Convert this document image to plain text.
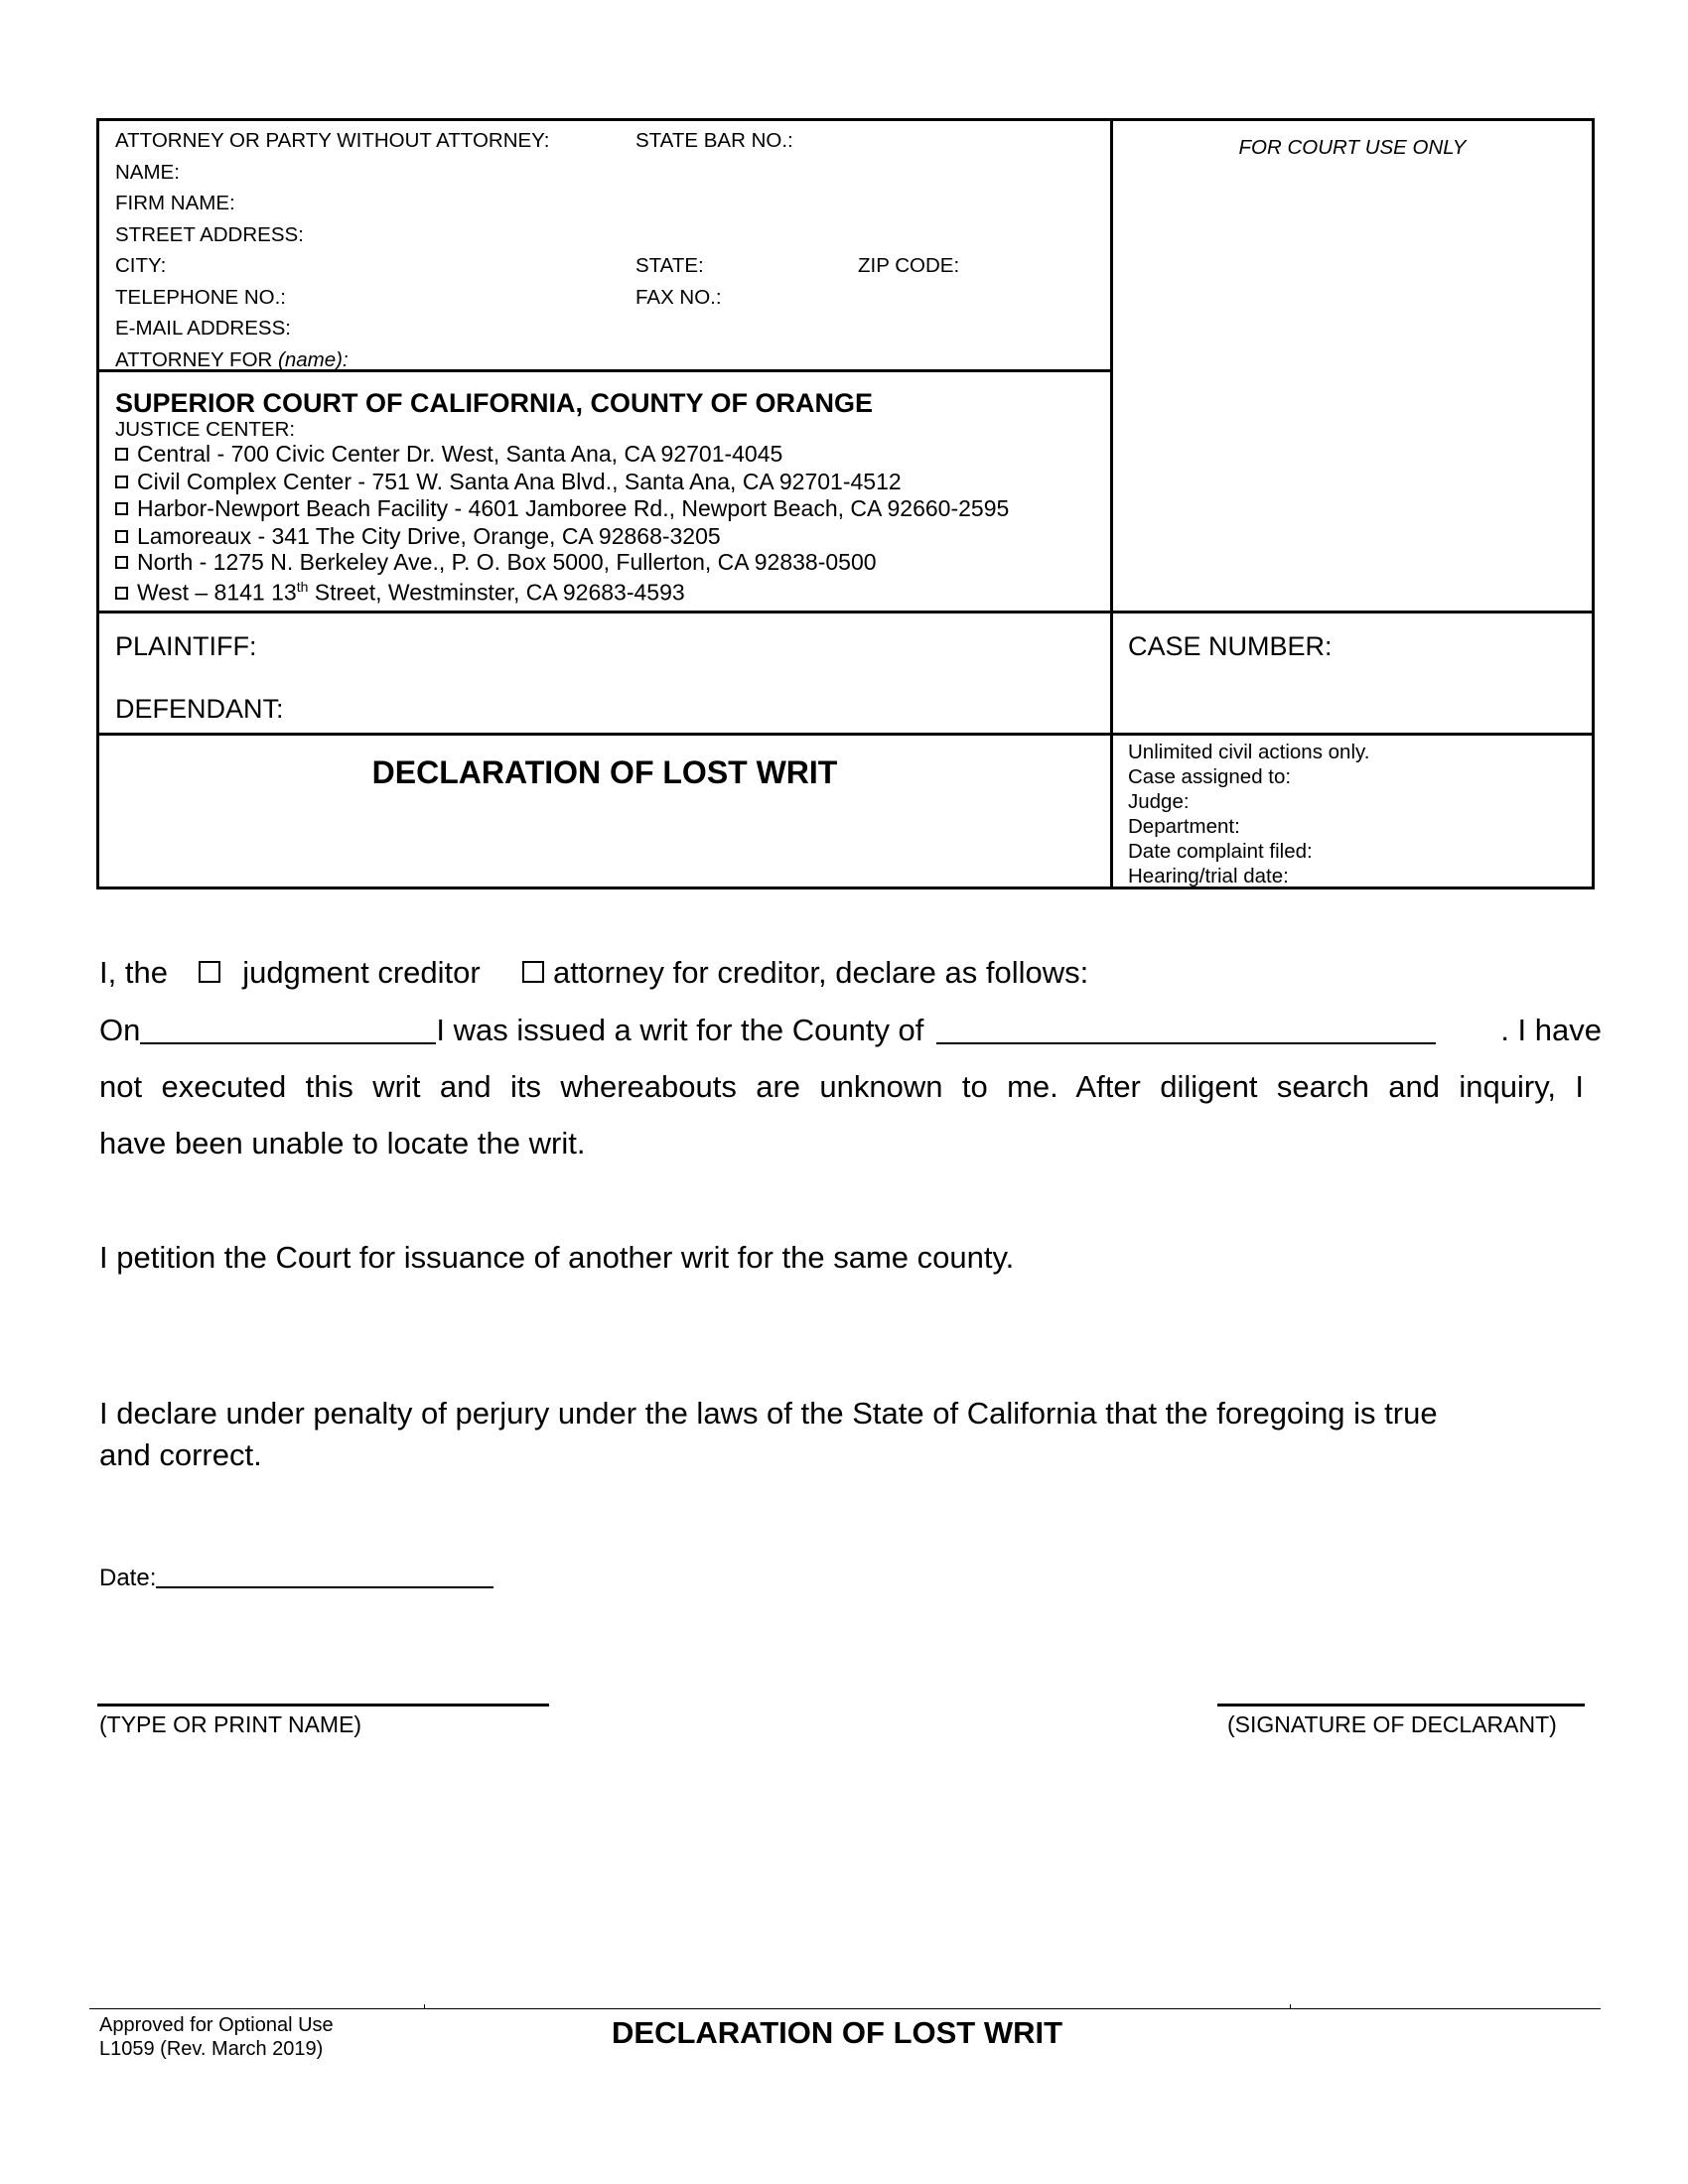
ATTORNEY OR PARTY WITHOUT ATTORNEY:	STATE BAR NO.:
NAME:
FIRM NAME:
STREET ADDRESS:
CITY:	STATE:	ZIP CODE:
TELEPHONE NO.:	FAX NO.:
E-MAIL ADDRESS:
ATTORNEY FOR (name):
FOR COURT USE ONLY
SUPERIOR COURT OF CALIFORNIA, COUNTY OF ORANGE
JUSTICE CENTER:
Central - 700 Civic Center Dr. West, Santa Ana, CA 92701-4045
Civil Complex Center - 751 W. Santa Ana Blvd., Santa Ana, CA 92701-4512
Harbor-Newport Beach Facility - 4601 Jamboree Rd., Newport Beach, CA 92660-2595
Lamoreaux - 341 The City Drive, Orange, CA 92868-3205
North - 1275 N. Berkeley Ave., P. O. Box 5000, Fullerton, CA 92838-0500
West – 8141 13th Street, Westminster, CA 92683-4593
PLAINTIFF:
DEFENDANT:
CASE NUMBER:
DECLARATION OF LOST WRIT
Unlimited civil actions only.
Case assigned to:
Judge:
Department:
Date complaint filed:
Hearing/trial date:
I, the judgment creditor attorney for creditor, declare as follows:
On	I was issued a writ for the County of	. I have
not executed this writ and its whereabouts are unknown to me. After diligent search and inquiry, I
have been unable to locate the writ.
I petition the Court for issuance of another writ for the same county.
I declare under penalty of perjury under the laws of the State of California that the foregoing is true
and correct.
Date:
(TYPE OR PRINT NAME)	(SIGNATURE OF DECLARANT)
Approved for Optional Use
L1059 (Rev. March 2019)	DECLARATION OF LOST WRIT
